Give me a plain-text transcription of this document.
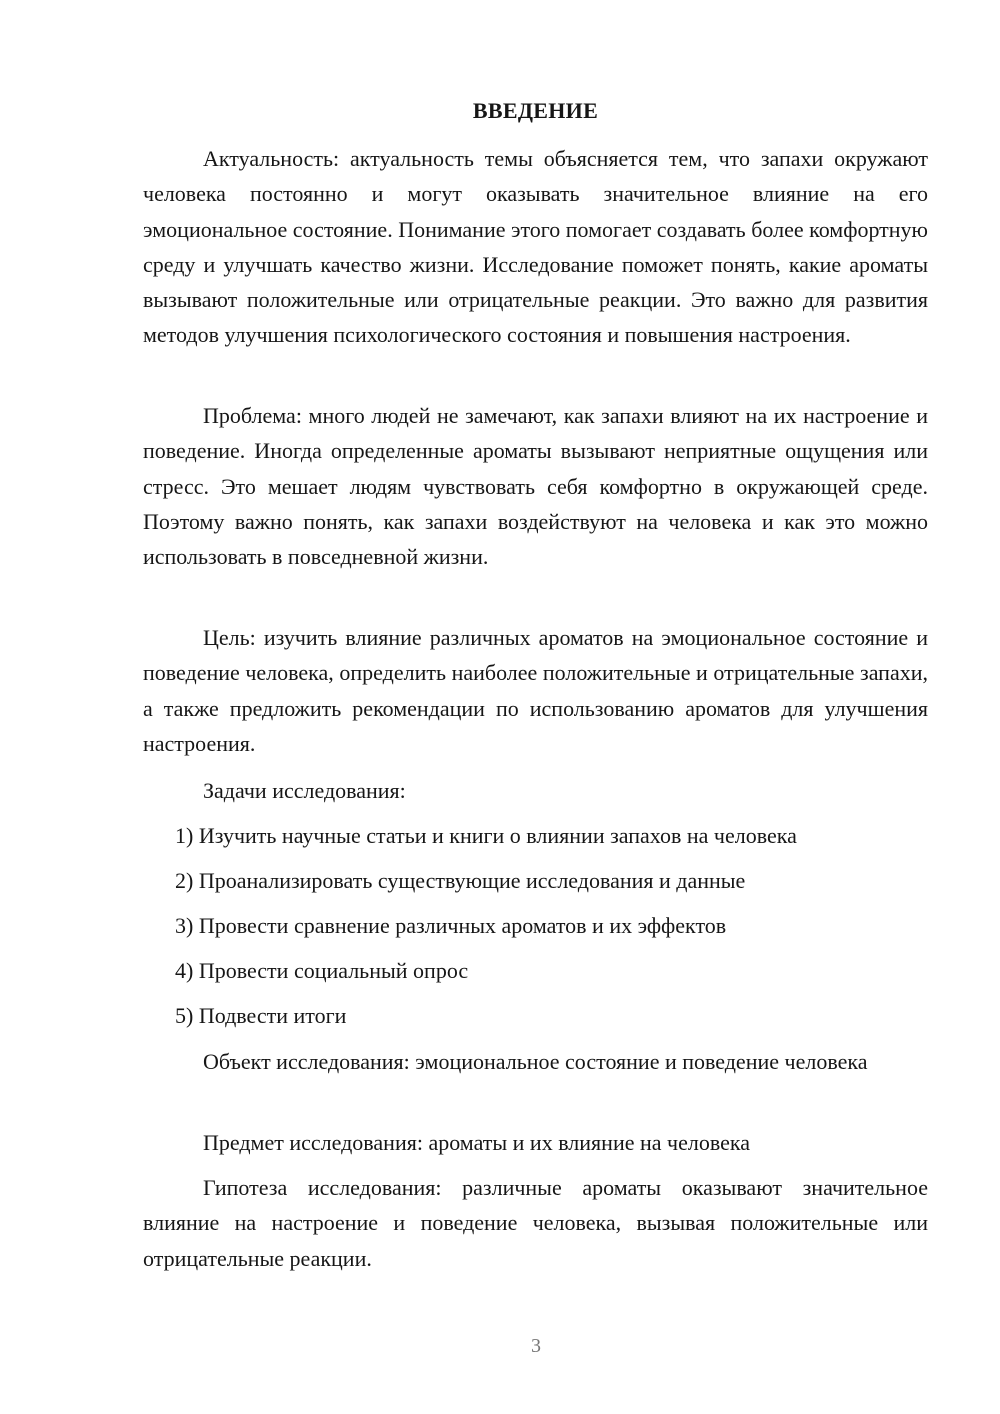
ВВЕДЕНИЕ

Актуальность: актуальность темы объясняется тем, что запахи окружают человека постоянно и могут оказывать значительное влияние на его эмоциональное состояние. Понимание этого помогает создавать более комфортную среду и улучшать качество жизни. Исследование поможет понять, какие ароматы вызывают положительные или отрицательные реакции. Это важно для развития методов улучшения психологического состояния и повышения настроения.

Проблема: много людей не замечают, как запахи влияют на их настроение и поведение. Иногда определенные ароматы вызывают неприятные ощущения или стресс. Это мешает людям чувствовать себя комфортно в окружающей среде. Поэтому важно понять, как запахи воздействуют на человека и как это можно использовать в повседневной жизни.

Цель: изучить влияние различных ароматов на эмоциональное состояние и поведение человека, определить наиболее положительные и отрицательные запахи, а также предложить рекомендации по использованию ароматов для улучшения настроения.

Задачи исследования:

1) Изучить научные статьи и книги о влиянии запахов на человека

2) Проанализировать существующие исследования и данные

3) Провести сравнение различных ароматов и их эффектов

4) Провести социальный опрос

5) Подвести итоги

Объект исследования: эмоциональное состояние и поведение человека

Предмет исследования: ароматы и их влияние на человека

Гипотеза исследования: различные ароматы оказывают значительное влияние на настроение и поведение человека, вызывая положительные или отрицательные реакции.

3
